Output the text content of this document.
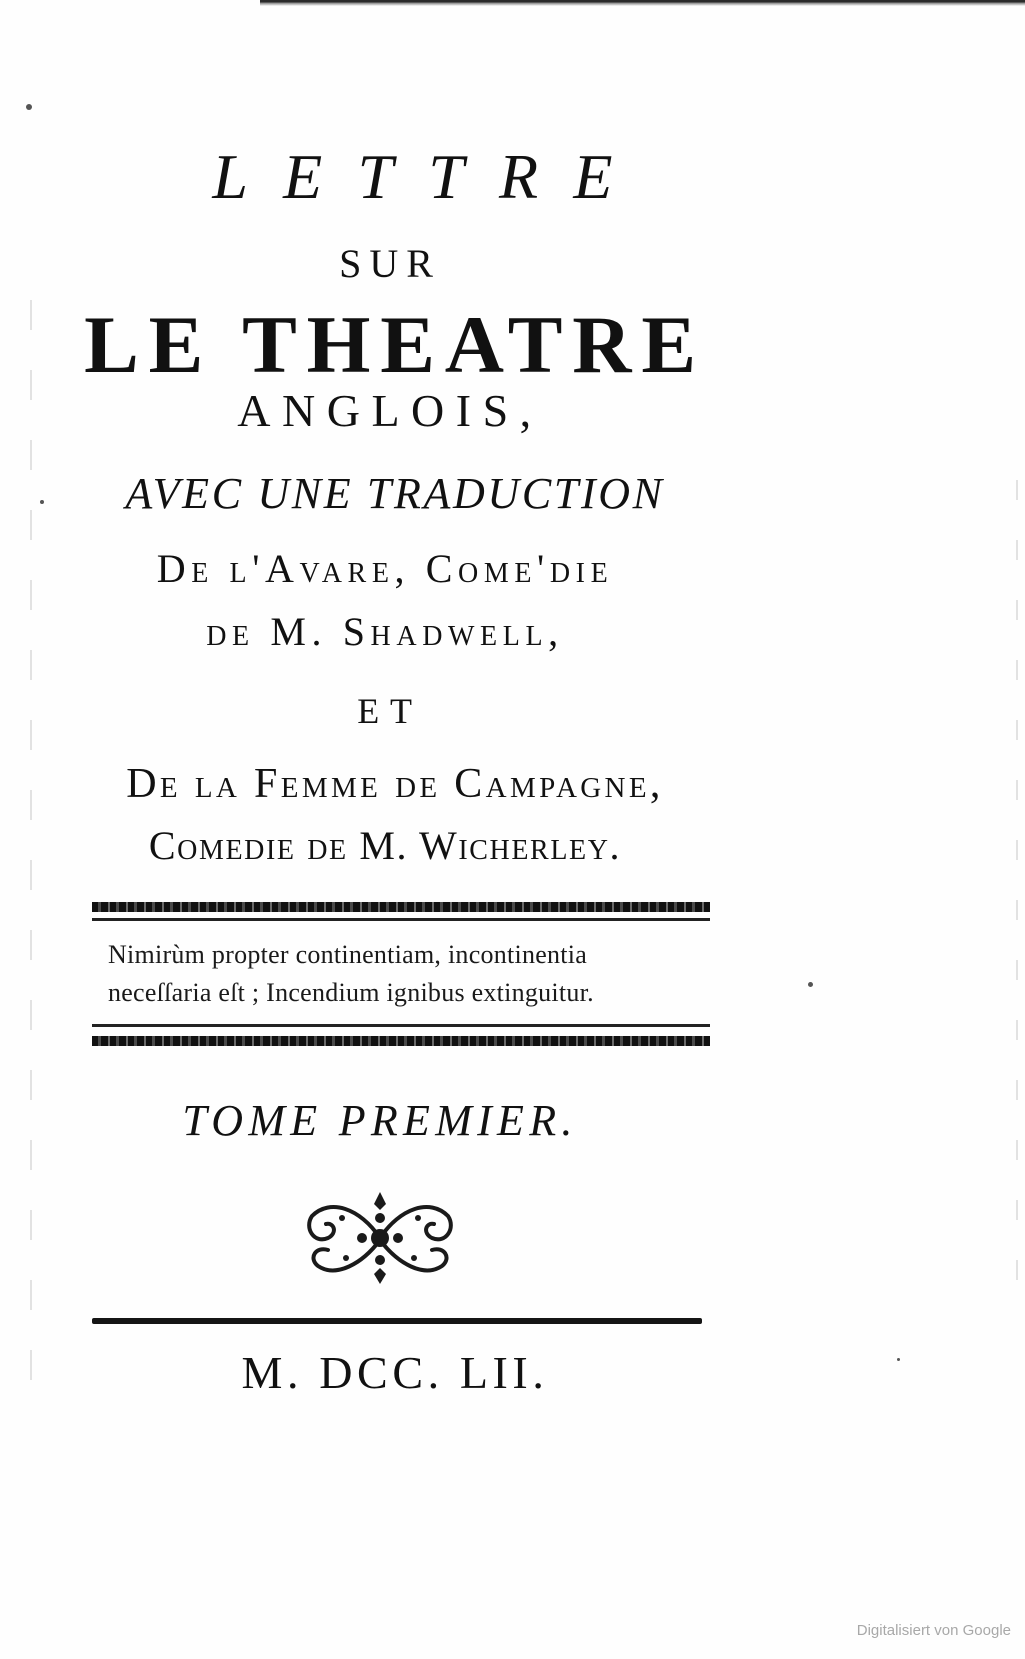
LETTRE
SUR
LE THEATRE
ANGLOIS,
AVEC UNE TRADUCTION
De l'Avare, Come'die
de M. Shadwell,
ET
De la Femme de Campagne,
Comedie de M. Wicherley.
Nimirùm propter continentiam, incontinentia
neceſſaria eſt ; Incendium ignibus extinguitur.
TOME PREMIER.
M. DCC. LII.
Digitalisiert von Google
